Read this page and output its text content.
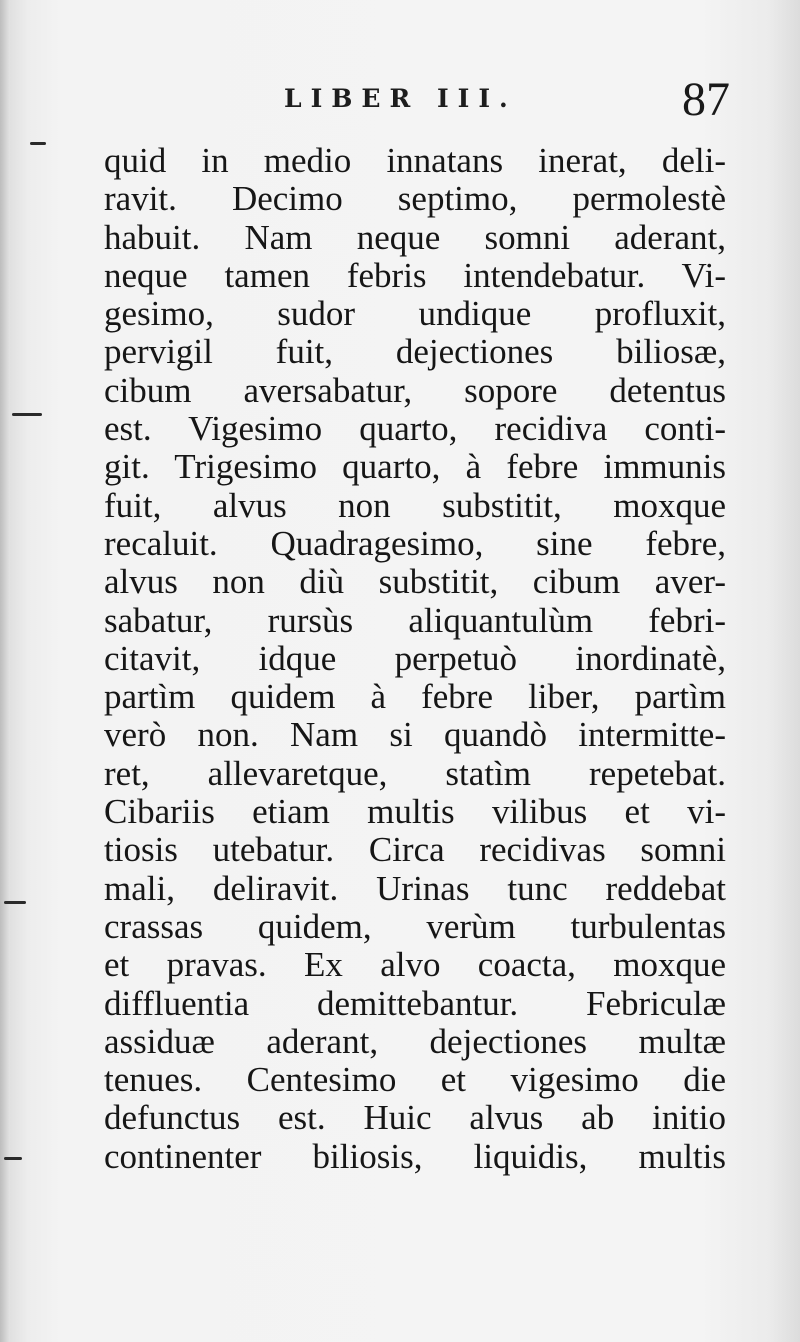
LIBER III.	87
quid in medio innatans inerat, deli-
ravit. Decimo septimo, permolestè
habuit. Nam neque somni aderant,
neque tamen febris intendebatur. Vi-
gesimo, sudor undique profluxit,
pervigil fuit, dejectiones biliosæ,
cibum aversabatur, sopore detentus
est. Vigesimo quarto, recidiva conti-
git. Trigesimo quarto, à febre immunis
fuit, alvus non substitit, moxque
recaluit. Quadragesimo, sine febre,
alvus non diù substitit, cibum aver-
sabatur, rursùs aliquantulùm febri-
citavit, idque perpetuò inordinatè,
partìm quidem à febre liber, partìm
verò non. Nam si quandò intermitte-
ret, allevaretque, statìm repetebat.
Cibariis etiam multis vilibus et vi-
tiosis utebatur. Circa recidivas somni
mali, deliravit. Urinas tunc reddebat
crassas quidem, verùm turbulentas
et pravas. Ex alvo coacta, moxque
diffluentia demittebantur. Febriculæ
assiduæ aderant, dejectiones multæ
tenues. Centesimo et vigesimo die
defunctus est. Huic alvus ab initio
continenter biliosis, liquidis, multis
